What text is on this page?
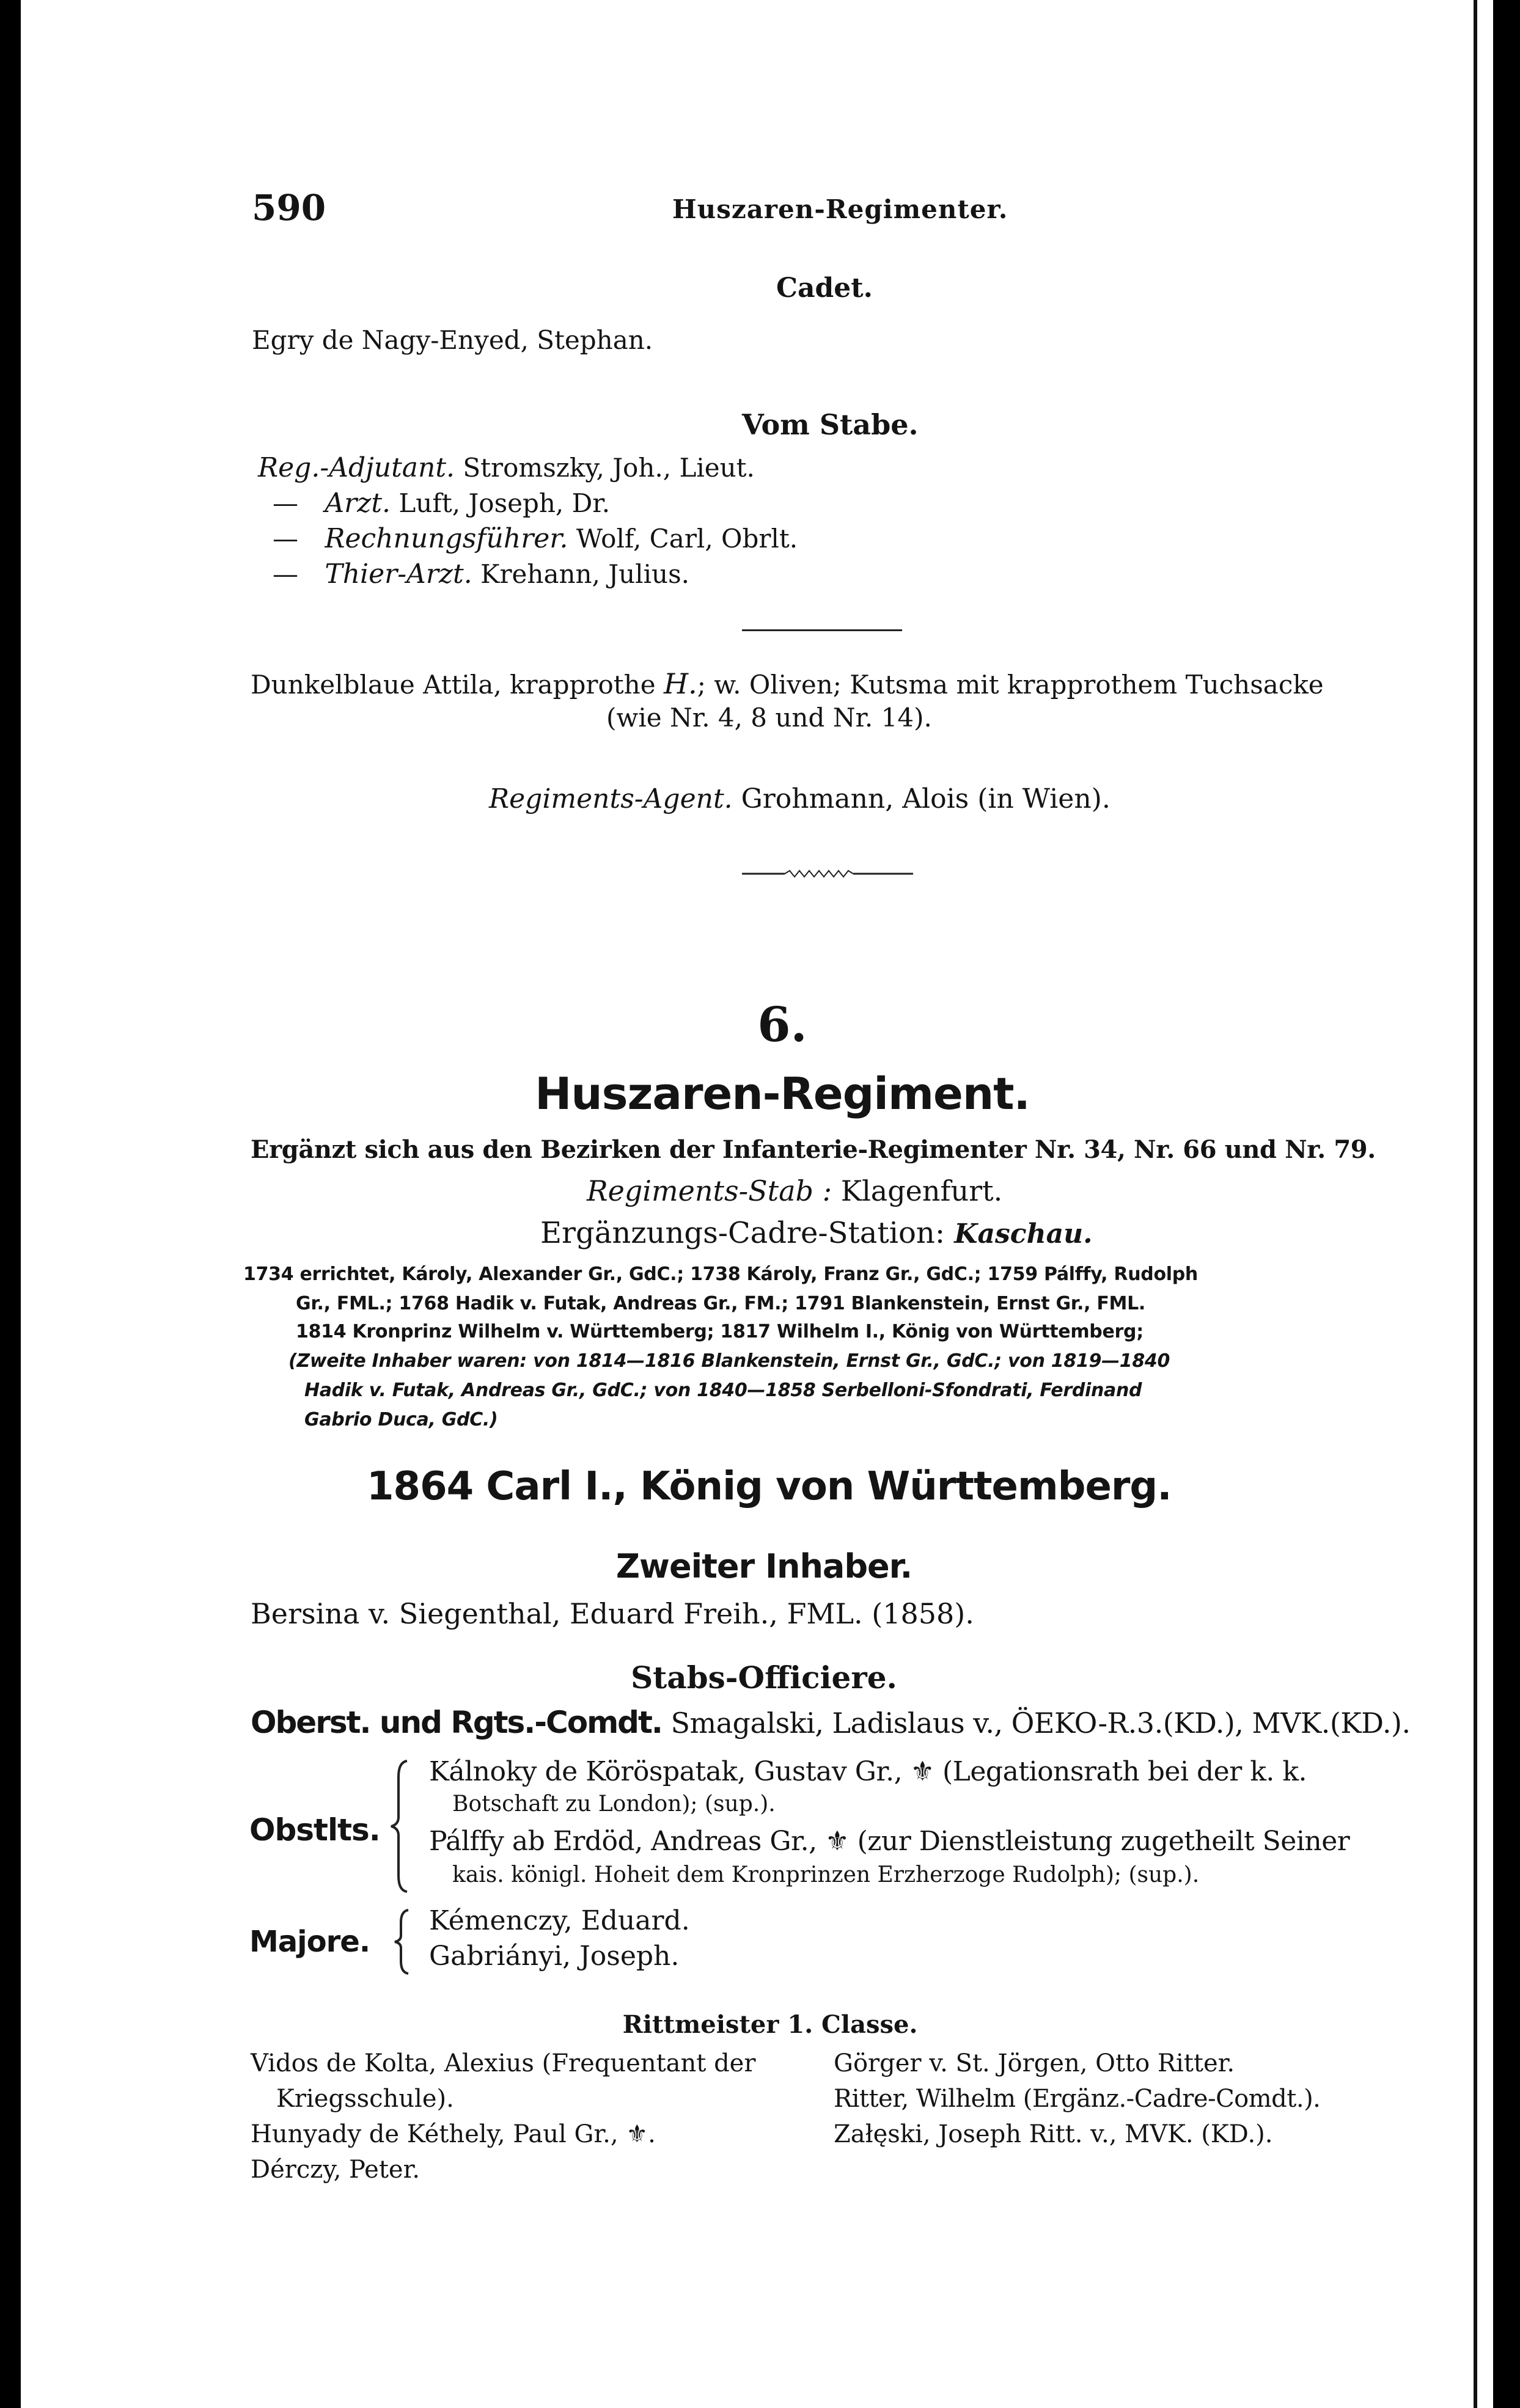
590	Huszaren-Regimenter.
Cadet.
Egry de Nagy-Enyed, Stephan.
Vom Stabe.
Reg.-Adjutant. Stromszky, Joh., Lieut.
— Arzt. Luft, Joseph, Dr.
— Rechnungsführer. Wolf, Carl, Obrlt.
— Thier-Arzt. Krehann, Julius.
Dunkelblaue Attila, krapprothe H.; w. Oliven; Kutsma mit krapprothem Tuchsacke
(wie Nr. 4, 8 und Nr. 14).
Regiments-Agent. Grohmann, Alois (in Wien).
6.
Huszaren-Regiment.
Ergänzt sich aus den Bezirken der Infanterie-Regimenter Nr. 34, Nr. 66 und Nr. 79.
Regiments-Stab : Klagenfurt.
Ergänzungs-Cadre-Station: Kaschau.
1734 errichtet, Károly, Alexander Gr., GdC.; 1738 Károly, Franz Gr., GdC.; 1759 Pálffy, Rudolph
Gr., FML.; 1768 Hadik v. Futak, Andreas Gr., FM.; 1791 Blankenstein, Ernst Gr., FML.
1814 Kronprinz Wilhelm v. Württemberg; 1817 Wilhelm I., König von Württemberg;
(Zweite Inhaber waren: von 1814—1816 Blankenstein, Ernst Gr., GdC.; von 1819—1840
Hadik v. Futak, Andreas Gr., GdC.; von 1840—1858 Serbelloni-Sfondrati, Ferdinand
Gabrio Duca, GdC.)
1864 Carl I., König von Württemberg.
Zweiter Inhaber.
Bersina v. Siegenthal, Eduard Freih., FML. (1858).
Stabs-Officiere.
Oberst. und Rgts.-Comdt. Smagalski, Ladislaus v., ÖEKO-R.3.(KD.), MVK.(KD.).
Obstlts.
Kálnoky de Köröspatak, Gustav Gr., ⚜ (Legationsrath bei der k. k.
Botschaft zu London); (sup.).
Pálffy ab Erdöd, Andreas Gr., ⚜ (zur Dienstleistung zugetheilt Seiner
kais. königl. Hoheit dem Kronprinzen Erzherzoge Rudolph); (sup.).
Majore.
Kémenczy, Eduard.
Gabriányi, Joseph.
Rittmeister 1. Classe.
Vidos de Kolta, Alexius (Frequentant der
Kriegsschule).
Hunyady de Kéthely, Paul Gr., ⚜.
Dérczy, Peter.
Görger v. St. Jörgen, Otto Ritter.
Ritter, Wilhelm (Ergänz.-Cadre-Comdt.).
Załęski, Joseph Ritt. v., MVK. (KD.).
